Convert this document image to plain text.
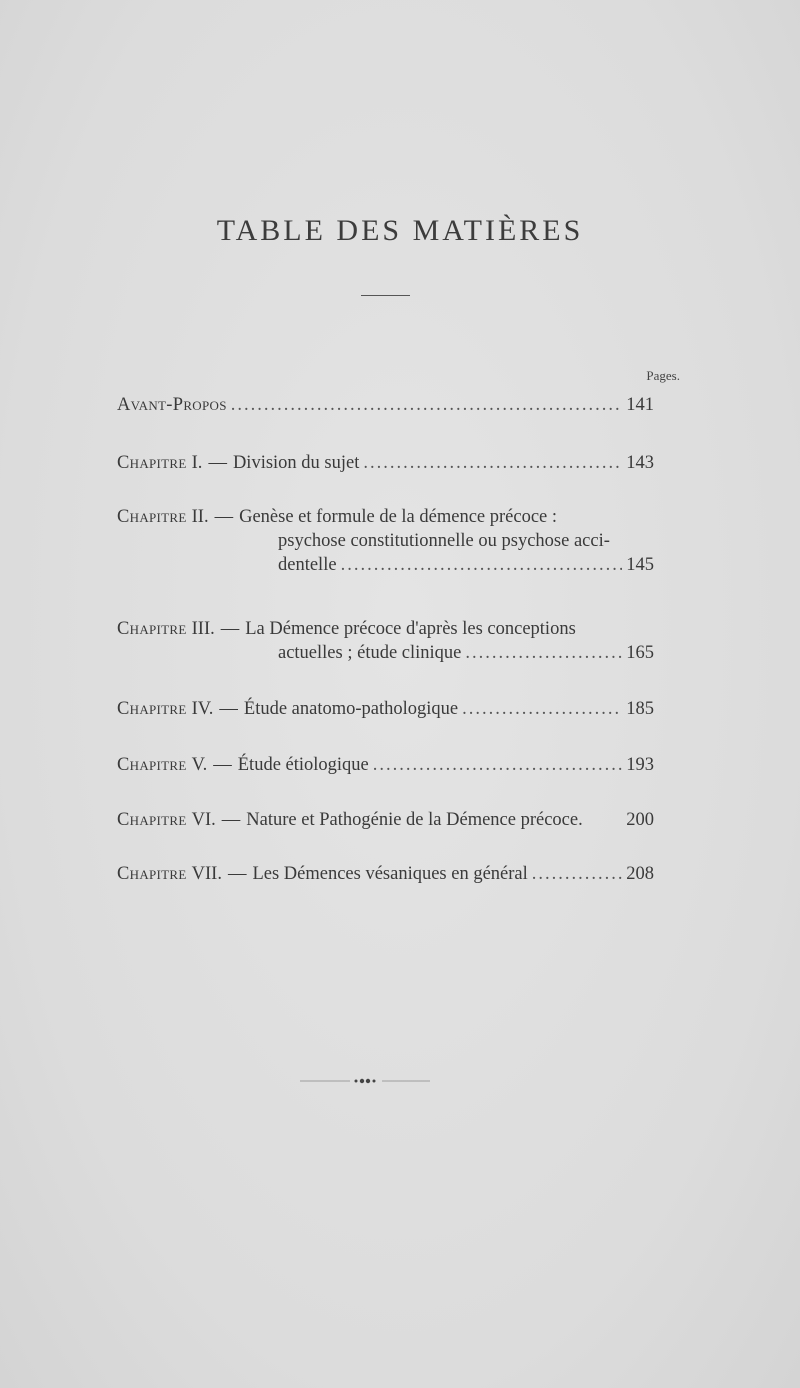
TABLE DES MATIÈRES
Pages.
Avant-Propos .....	141
Chapitre I. — Division du sujet .....	143
Chapitre II. — Genèse et formule de la démence précoce :
psychose constitutionnelle ou psychose acci-
dentelle .....	145
Chapitre III. — La Démence précoce d'après les conceptions
actuelles ; étude clinique .....	165
Chapitre IV. — Étude anatomo-pathologique .....	185
Chapitre V. — Étude étiologique .....	193
Chapitre VI. — Nature et Pathogénie de la Démence précoce. 200
Chapitre VII. — Les Démences vésaniques en général .....	208
